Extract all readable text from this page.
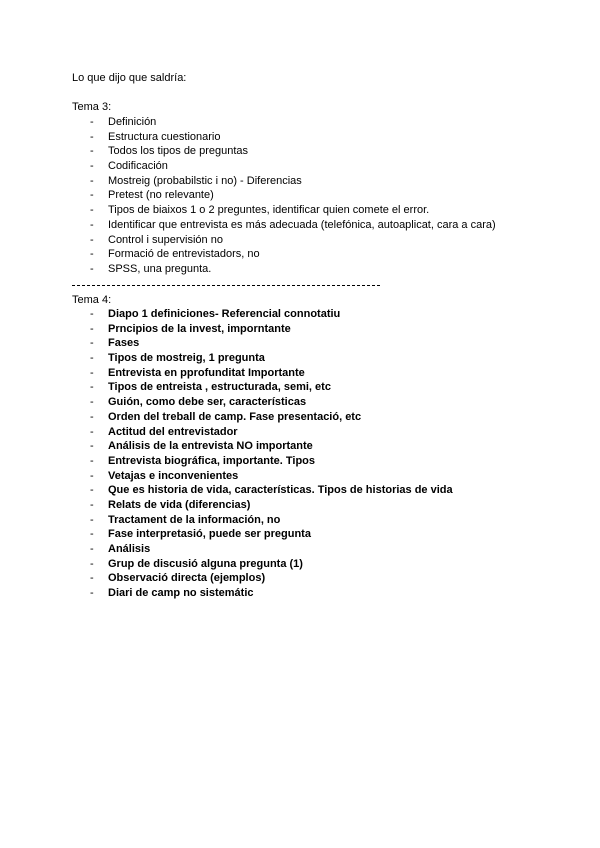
Lo que dijo que saldría:
Tema 3:
- Definición
- Estructura cuestionario
- Todos los tipos de preguntas
- Codificación
- Mostreig (probabilstic i no) - Diferencias
- Pretest (no relevante)
- Tipos de biaixos 1 o 2 preguntes, identificar quien comete el error.
- Identificar que entrevista es más adecuada (telefónica, autoaplicat, cara a cara)
- Control i supervisión no
- Formació de entrevistadors, no
- SPSS, una pregunta.
Tema 4:
- Diapo 1 definiciones- Referencial connotatiu
- Prncipios de la invest, imporntante
- Fases
- Tipos de mostreig, 1 pregunta
- Entrevista en pprofunditat Importante
- Tipos de entreista , estructurada, semi, etc
- Guión, como debe ser, características
- Orden del treball de camp. Fase presentació, etc
- Actitud del entrevistador
- Análisis de la entrevista NO importante
- Entrevista biográfica, importante. Tipos
- Vetajas e inconvenientes
- Que es historia de vida, características. Tipos de historias de vida
- Relats de vida (diferencias)
- Tractament de la información, no
- Fase interpretasió, puede ser pregunta
- Análisis
- Grup de discusió alguna pregunta (1)
- Observació directa (ejemplos)
- Diari de camp no sistemátic
